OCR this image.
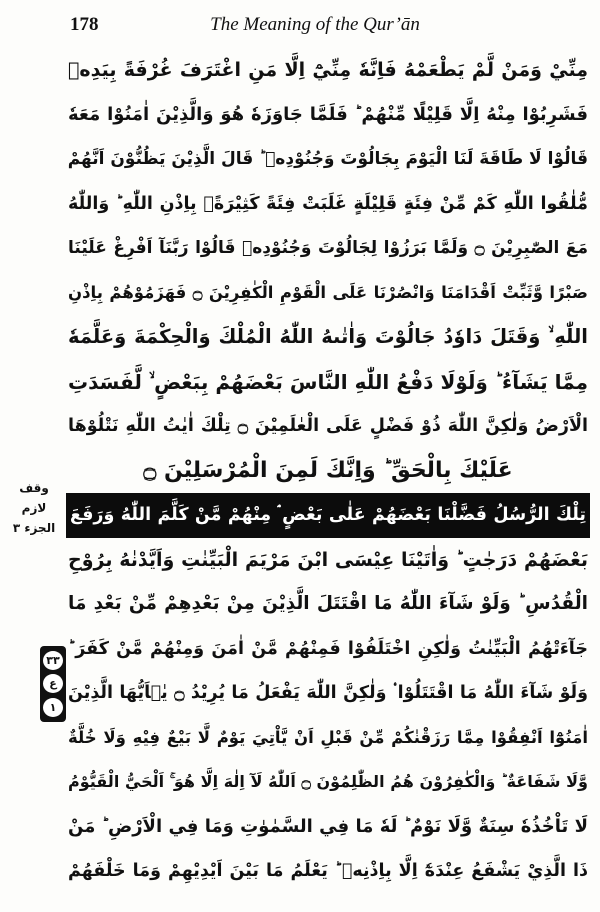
178	The Meaning of the Qur’ān
وقف لازم
الجزء ٣
٣٣
ع
١
مِنِّيْ وَمَنْ لَّمْ يَطْعَمْهُ فَاِنَّهٗ مِنِّيْٓ اِلَّا مَنِ اغْتَرَفَ غُرْفَةً بِيَدِهٖ
فَشَرِبُوْا مِنْهُ اِلَّا قَلِيْلًا مِّنْهُمْ ؕ فَلَمَّا جَاوَزَهٗ هُوَ وَالَّذِيْنَ اٰمَنُوْا مَعَهٗ
قَالُوْا لَا طَاقَةَ لَنَا الْيَوْمَ بِجَالُوْتَ وَجُنُوْدِهٖ ؕ قَالَ الَّذِيْنَ يَظُنُّوْنَ اَنَّهُمْ
مُّلٰقُوا اللّٰهِ كَمْ مِّنْ فِئَةٍ قَلِيْلَةٍ غَلَبَتْ فِئَةً كَثِيْرَةًۢ بِاِذْنِ اللّٰهِ ؕ وَاللّٰهُ
مَعَ الصّٰبِرِيْنَ ۝ وَلَمَّا بَرَزُوْا لِجَالُوْتَ وَجُنُوْدِهٖ قَالُوْا رَبَّنَآ اَفْرِغْ عَلَيْنَا
صَبْرًا وَّثَبِّتْ اَقْدَامَنَا وَانْصُرْنَا عَلَى الْقَوْمِ الْكٰفِرِيْنَ ۝ فَهَزَمُوْهُمْ بِاِذْنِ
اللّٰهِ ۙ وَقَتَلَ دَاوٗدُ جَالُوْتَ وَاٰتٰىهُ اللّٰهُ الْمُلْكَ وَالْحِكْمَةَ وَعَلَّمَهٗ
مِمَّا يَشَآءُ ؕ وَلَوْلَا دَفْعُ اللّٰهِ النَّاسَ بَعْضَهُمْ بِبَعْضٍ ۙ لَّفَسَدَتِ
الْاَرْضُ وَلٰكِنَّ اللّٰهَ ذُوْ فَضْلٍ عَلَى الْعٰلَمِيْنَ ۝ تِلْكَ اٰيٰتُ اللّٰهِ نَتْلُوْهَا
عَلَيْكَ بِالْحَقِّ ؕ وَاِنَّكَ لَمِنَ الْمُرْسَلِيْنَ ۝
تِلْكَ الرُّسُلُ فَضَّلْنَا بَعْضَهُمْ عَلٰى بَعْضٍ ۘ مِنْهُمْ مَّنْ كَلَّمَ اللّٰهُ وَرَفَعَ
بَعْضَهُمْ دَرَجٰتٍ ؕ وَاٰتَيْنَا عِيْسَى ابْنَ مَرْيَمَ الْبَيِّنٰتِ وَاَيَّدْنٰهُ بِرُوْحِ
الْقُدُسِ ؕ وَلَوْ شَآءَ اللّٰهُ مَا اقْتَتَلَ الَّذِيْنَ مِنْ بَعْدِهِمْ مِّنْ بَعْدِ مَا
جَآءَتْهُمُ الْبَيِّنٰتُ وَلٰكِنِ اخْتَلَفُوْا فَمِنْهُمْ مَّنْ اٰمَنَ وَمِنْهُمْ مَّنْ كَفَرَ ؕ
وَلَوْ شَآءَ اللّٰهُ مَا اقْتَتَلُوْا ۟ وَلٰكِنَّ اللّٰهَ يَفْعَلُ مَا يُرِيْدُ ۝ يٰۤاَيُّهَا الَّذِيْنَ
اٰمَنُوْٓا اَنْفِقُوْا مِمَّا رَزَقْنٰكُمْ مِّنْ قَبْلِ اَنْ يَّاْتِيَ يَوْمٌ لَّا بَيْعٌ فِيْهِ وَلَا خُلَّةٌ
وَّلَا شَفَاعَةٌ ؕ وَالْكٰفِرُوْنَ هُمُ الظّٰلِمُوْنَ ۝ اَللّٰهُ لَآ اِلٰهَ اِلَّا هُوَ ۚ اَلْحَيُّ الْقَيُّوْمُ
لَا تَاْخُذُهٗ سِنَةٌ وَّلَا نَوْمٌ ؕ لَهٗ مَا فِي السَّمٰوٰتِ وَمَا فِي الْاَرْضِ ؕ مَنْ
ذَا الَّذِيْ يَشْفَعُ عِنْدَهٗٓ اِلَّا بِاِذْنِهٖ ؕ يَعْلَمُ مَا بَيْنَ اَيْدِيْهِمْ وَمَا خَلْفَهُمْ
